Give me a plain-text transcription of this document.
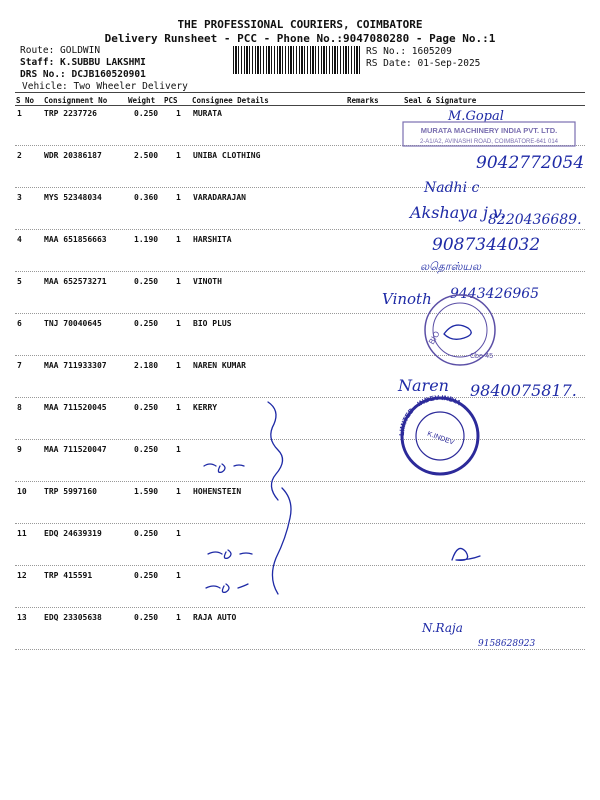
THE PROFESSIONAL COURIERS, COIMBATORE
Delivery Runsheet - PCC - Phone No.:9047080280 - Page No.:1
Route: GOLDWIN
Staff: K.SUBBU LAKSHMI
DRS No.: DCJB160520901
Vehicle: Two Wheeler Delivery
RS No.: 1605209
RS Date: 01-Sep-2025
S No Consignment No	Weight PCS Consignee Details	Remarks	Seal & Signature
1	TRP 2237726	0.250 1 MURATA
2	WDR 20386187	2.500 1 UNIBA CLOTHING
3	MYS 52348034	0.360 1 VARADARAJAN
4	MAA 651856663	1.190 1 HARSHITA
5	MAA 652573271	0.250 1 VINOTH
6	TNJ 70040645	0.250 1 BIO PLUS
7	MAA 711933307	2.180 1 NAREN KUMAR
8	MAA 711520045	0.250 1 KERRY
9	MAA 711520047	0.250 1
10 TRP 5997160	1.590 1 HOHENSTEIN
11 EDQ 24639319	0.250 1
12 TRP 415591	0.250 1
13 EDQ 23305638	0.250 1 RAJA AUTO
M.Gopal
MURATA MACHINERY INDIA PVT. LTD.
2-A1/A2, AVINASHI ROAD, COIMBATORE-641 014
9042772054
Nadhi c
Akshaya j.v.
8220436689.
9087344032
லதொஸ்யல
Vinoth 9443426965
BIO
Cbe-45
Naren 9840075817.
LIMITED • INDEV INDIA
K.INDEV
N.Raja
9158628923
